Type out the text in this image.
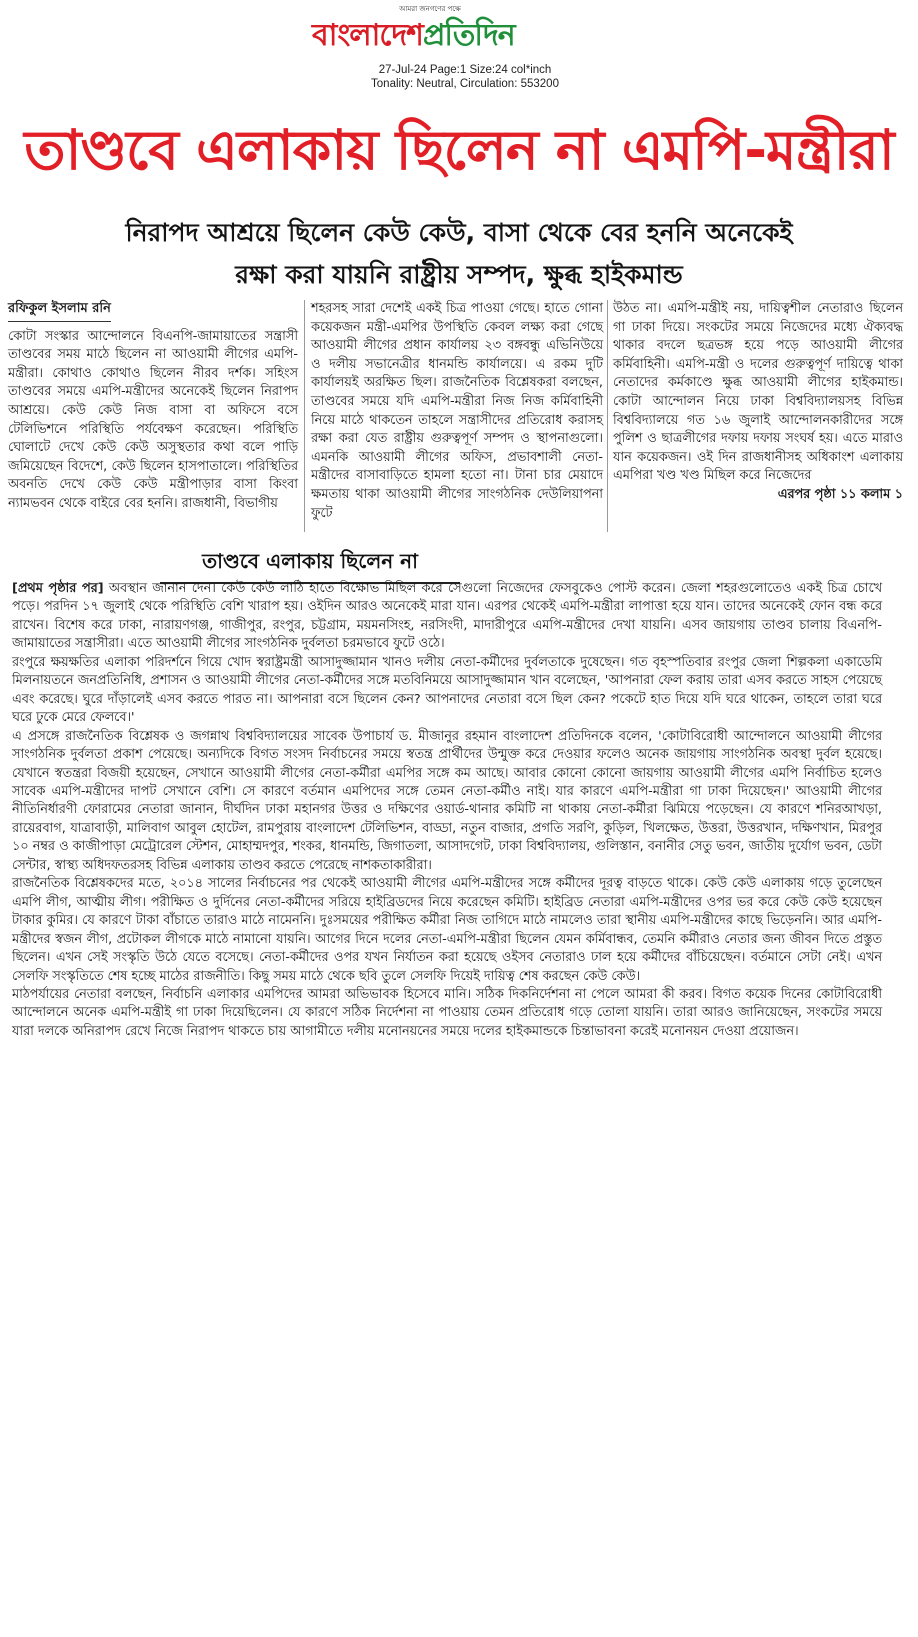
আমরা জনগণের পক্ষে
বাংলাদেশপ্রতিদিন
27-Jul-24 Page:1 Size:24 col*inch
Tonality: Neutral, Circulation: 553200
তাণ্ডবে এলাকায় ছিলেন না এমপি-মন্ত্রীরা
নিরাপদ আশ্রয়ে ছিলেন কেউ কেউ, বাসা থেকে বের হননি অনেকেই
রক্ষা করা যায়নি রাষ্ট্রীয় সম্পদ, ক্ষুব্ধ হাইকমান্ড
রফিকুল ইসলাম রনি

কোটা সংস্কার আন্দোলনে বিএনপি-জামায়াতের সন্ত্রাসী তাণ্ডবের সময় মাঠে ছিলেন না আওয়ামী লীগের এমপি-মন্ত্রীরা। কোথাও কোথাও ছিলেন নীরব দর্শক। সহিংস তাণ্ডবের সময়ে এমপি-মন্ত্রীদের অনেকেই ছিলেন নিরাপদ আশ্রয়ে। কেউ কেউ নিজ বাসা বা অফিসে বসে টেলিভিশনে পরিস্থিতি পর্যবেক্ষণ করেছেন। পরিস্থিতি ঘোলাটে দেখে কেউ কেউ অসুস্থতার কথা বলে পাড়ি জমিয়েছেন বিদেশে, কেউ ছিলেন হাসপাতালে। পরিস্থিতির অবনতি দেখে কেউ কেউ মন্ত্রীপাড়ার বাসা কিংবা ন্যামভবন থেকে বাইরে বের হননি। রাজধানী, বিভাগীয়

শহরসহ সারা দেশেই একই চিত্র পাওয়া গেছে। হাতে গোনা কয়েকজন মন্ত্রী-এমপির উপস্থিতি কেবল লক্ষ্য করা গেছে আওয়ামী লীগের প্রধান কার্যালয় ২৩ বঙ্গবন্ধু এভিনিউয়ে ও দলীয় সভানেত্রীর ধানমন্ডি কার্যালয়ে। এ রকম দুটি কার্যালয়ই অরক্ষিত ছিল। রাজনৈতিক বিশ্লেষকরা বলছেন, তাণ্ডবের সময়ে যদি এমপি-মন্ত্রীরা নিজ নিজ কর্মিবাহিনী নিয়ে মাঠে থাকতেন তাহলে সন্ত্রাসীদের প্রতিরোধ করাসহ রক্ষা করা যেত রাষ্ট্রীয় গুরুত্বপূর্ণ সম্পদ ও স্থাপনাগুলো। এমনকি আওয়ামী লীগের অফিস, প্রভাবশালী নেতা-মন্ত্রীদের বাসাবাড়িতে হামলা হতো না। টানা চার মেয়াদে ক্ষমতায় থাকা আওয়ামী লীগের সাংগঠনিক দেউলিয়াপনা ফুটে

উঠত না। এমপি-মন্ত্রীই নয়, দায়িত্বশীল নেতারাও ছিলেন গা ঢাকা দিয়ে। সংকটের সময়ে নিজেদের মধ্যে ঐক্যবদ্ধ থাকার বদলে ছত্রভঙ্গ হয়ে পড়ে আওয়ামী লীগের কর্মিবাহিনী। এমপি-মন্ত্রী ও দলের গুরুত্বপূর্ণ দায়িত্বে থাকা নেতাদের কর্মকাণ্ডে ক্ষুব্ধ আওয়ামী লীগের হাইকমান্ড। কোটা আন্দোলন নিয়ে ঢাকা বিশ্ববিদ্যালয়সহ বিভিন্ন বিশ্ববিদ্যালয়ে গত ১৬ জুলাই আন্দোলনকারীদের সঙ্গে পুলিশ ও ছাত্রলীগের দফায় দফায় সংঘর্ষ হয়। এতে মারাও যান কয়েকজন। ওই দিন রাজধানীসহ অধিকাংশ এলাকায় এমপিরা খণ্ড খণ্ড মিছিল করে নিজেদের

এরপর পৃষ্ঠা ১১ কলাম ১

তাণ্ডবে এলাকায় ছিলেন না

[প্রথম পৃষ্ঠার পর] অবস্থান জানান দেন। কেউ কেউ লাঠি হাতে বিক্ষোভ মিছিল করে সেগুলো নিজেদের ফেসবুকেও পোস্ট করেন। জেলা শহরগুলোতেও একই চিত্র চোখে পড়ে। পরদিন ১৭ জুলাই থেকে পরিস্থিতি বেশি খারাপ হয়। ওইদিন আরও অনেকেই মারা যান। এরপর থেকেই এমপি-মন্ত্রীরা লাপাত্তা হয়ে যান। তাদের অনেকেই ফোন বন্ধ করে রাখেন। বিশেষ করে ঢাকা, নারায়ণগঞ্জ, গাজীপুর, রংপুর, চট্টগ্রাম, ময়মনসিংহ, নরসিংদী, মাদারীপুরে এমপি-মন্ত্রীদের দেখা যায়নি। এসব জায়গায় তাণ্ডব চালায় বিএনপি-জামায়াতের সন্ত্রাসীরা। এতে আওয়ামী লীগের সাংগঠনিক দুর্বলতা চরমভাবে ফুটে ওঠে।

রংপুরে ক্ষয়ক্ষতির এলাকা পরিদর্শনে গিয়ে খোদ স্বরাষ্ট্রমন্ত্রী আসাদুজ্জামান খানও দলীয় নেতা-কর্মীদের দুর্বলতাকে দুষেছেন। গত বৃহস্পতিবার রংপুর জেলা শিল্পকলা একাডেমি মিলনায়তনে জনপ্রতিনিধি, প্রশাসন ও আওয়ামী লীগের নেতা-কর্মীদের সঙ্গে মতবিনিময়ে আসাদুজ্জামান খান বলেছেন, 'আপনারা ফেল করায় তারা এসব করতে সাহস পেয়েছে এবং করেছে। ঘুরে দাঁড়ালেই এসব করতে পারত না। আপনারা বসে ছিলেন কেন? আপনাদের নেতারা বসে ছিল কেন? পকেটে হাত দিয়ে যদি ঘরে থাকেন, তাহলে তারা ঘরে ঘরে ঢুকে মেরে ফেলবে।'

এ প্রসঙ্গে রাজনৈতিক বিশ্লেষক ও জগন্নাথ বিশ্ববিদ্যালয়ের সাবেক উপাচার্য ড. মীজানুর রহমান বাংলাদেশ প্রতিদিনকে বলেন, 'কোটাবিরোধী আন্দোলনে আওয়ামী লীগের সাংগঠনিক দুর্বলতা প্রকাশ পেয়েছে। অন্যদিকে বিগত সংসদ নির্বাচনের সময়ে স্বতন্ত্র প্রার্থীদের উন্মুক্ত করে দেওয়ার ফলেও অনেক জায়গায় সাংগঠনিক অবস্থা দুর্বল হয়েছে। যেখানে স্বতন্ত্ররা বিজয়ী হয়েছেন, সেখানে আওয়ামী লীগের নেতা-কর্মীরা এমপির সঙ্গে কম আছে। আবার কোনো কোনো জায়গায় আওয়ামী লীগের এমপি নির্বাচিত হলেও সাবেক এমপি-মন্ত্রীদের দাপট সেখানে বেশি। সে কারণে বর্তমান এমপিদের সঙ্গে তেমন নেতা-কর্মীও নাই। যার কারণে এমপি-মন্ত্রীরা গা ঢাকা দিয়েছেন।' আওয়ামী লীগের নীতিনির্ধারণী ফোরামের নেতারা জানান, দীর্ঘদিন ঢাকা মহানগর উত্তর ও দক্ষিণের ওয়ার্ড-থানার কমিটি না থাকায় নেতা-কর্মীরা ঝিমিয়ে পড়েছেন। যে কারণে শনিরআখড়া, রায়েরবাগ, যাত্রাবাড়ী, মালিবাগ আবুল হোটেল, রামপুরায় বাংলাদেশ টেলিভিশন, বাড্ডা, নতুন বাজার, প্রগতি সরণি, কুড়িল, খিলক্ষেত, উত্তরা, উত্তরখান, দক্ষিণখান, মিরপুর ১০ নম্বর ও কাজীপাড়া মেট্রোরেল স্টেশন, মোহাম্মদপুর, শংকর, ধানমন্ডি, জিগাতলা, আসাদগেট, ঢাকা বিশ্ববিদ্যালয়, গুলিস্তান, বনানীর সেতু ভবন, জাতীয় দুর্যোগ ভবন, ডেটা সেন্টার, স্বাস্থ্য অধিদফতরসহ বিভিন্ন এলাকায় তাণ্ডব করতে পেরেছে নাশকতাকারীরা।

রাজনৈতিক বিশ্লেষকদের মতে, ২০১৪ সালের নির্বাচনের পর থেকেই আওয়ামী লীগের এমপি-মন্ত্রীদের সঙ্গে কর্মীদের দূরত্ব বাড়তে থাকে। কেউ কেউ এলাকায় গড়ে তুলেছেন এমপি লীগ, আত্মীয় লীগ। পরীক্ষিত ও দুর্দিনের নেতা-কর্মীদের সরিয়ে হাইব্রিডদের নিয়ে করেছেন কমিটি। হাইব্রিড নেতারা এমপি-মন্ত্রীদের ওপর ভর করে কেউ কেউ হয়েছেন টাকার কুমির। যে কারণে টাকা বাঁচাতে তারাও মাঠে নামেননি। দুঃসময়ের পরীক্ষিত কর্মীরা নিজ তাগিদে মাঠে নামলেও তারা স্থানীয় এমপি-মন্ত্রীদের কাছে ভিড়েননি। আর এমপি-মন্ত্রীদের স্বজন লীগ, প্রটোকল লীগকে মাঠে নামানো যায়নি। আগের দিনে দলের নেতা-এমপি-মন্ত্রীরা ছিলেন যেমন কর্মিবান্ধব, তেমনি কর্মীরাও নেতার জন্য জীবন দিতে প্রস্তুত ছিলেন। এখন সেই সংস্কৃতি উঠে যেতে বসেছে। নেতা-কর্মীদের ওপর যখন নির্যাতন করা হয়েছে ওইসব নেতারাও ঢাল হয়ে কর্মীদের বাঁচিয়েছেন। বর্তমানে সেটা নেই। এখন সেলফি সংস্কৃতিতে শেষ হচ্ছে মাঠের রাজনীতি। কিছু সময় মাঠে থেকে ছবি তুলে সেলফি দিয়েই দায়িত্ব শেষ করছেন কেউ কেউ।

মাঠপর্যায়ের নেতারা বলছেন, নির্বাচনি এলাকার এমপিদের আমরা অভিভাবক হিসেবে মানি। সঠিক দিকনির্দেশনা না পেলে আমরা কী করব। বিগত কয়েক দিনের কোটাবিরোধী আন্দোলনে অনেক এমপি-মন্ত্রীই গা ঢাকা দিয়েছিলেন। যে কারণে সঠিক নির্দেশনা না পাওয়ায় তেমন প্রতিরোধ গড়ে তোলা যায়নি। তারা আরও জানিয়েছেন, সংকটের সময়ে যারা দলকে অনিরাপদ রেখে নিজে নিরাপদ থাকতে চায় আগামীতে দলীয় মনোনয়নের সময়ে দলের হাইকমান্ডকে চিন্তাভাবনা করেই মনোনয়ন দেওয়া প্রয়োজন।
